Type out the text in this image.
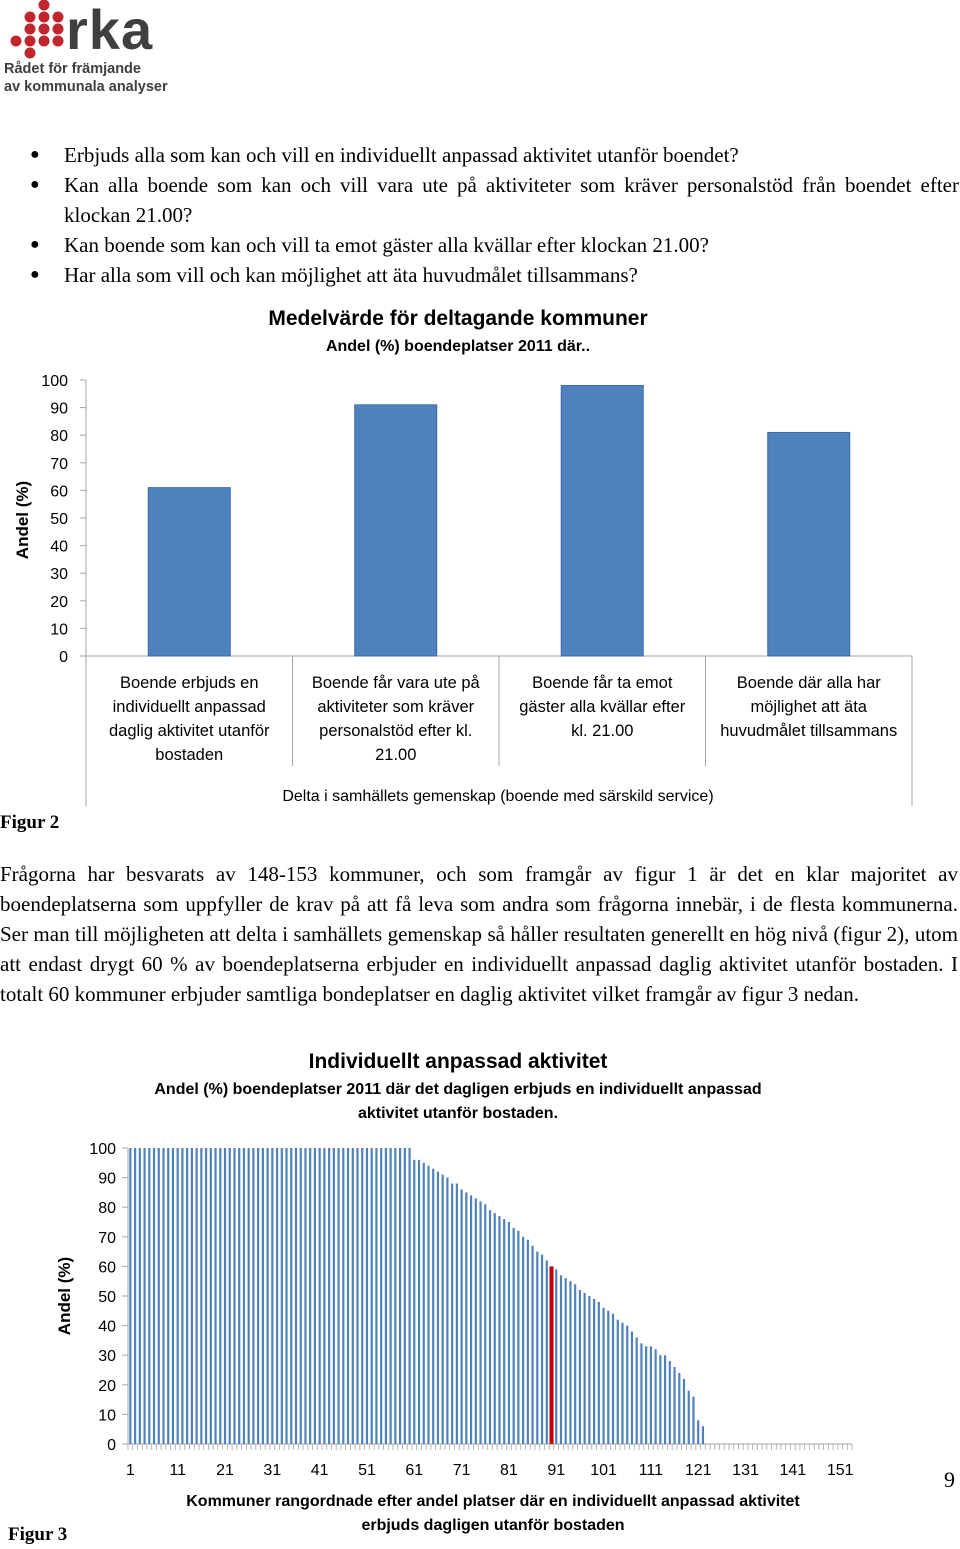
rka
Rådet för främjande
av kommunala analyser
● Erbjuds alla som kan och vill en individuellt anpassad aktivitet utanför boendet?
● Kan alla boende som kan och vill vara ute på aktiviteter som kräver personalstöd från boendet efter klockan 21.00?
● Kan boende som kan och vill ta emot gäster alla kvällar efter klockan 21.00?
● Har alla som vill och kan möjlighet att äta huvudmålet tillsammans?
Medelvärde för deltagande kommuner
Andel (%) boendeplatser 2011 där..
Andel (%)
0
10
20
30
40
50
60
70
80
90
100
Boende erbjuds en
individuellt anpassad
daglig aktivitet utanför
bostaden
Boende får vara ute på
aktiviteter som kräver
personalstöd efter kl.
21.00
Boende får ta emot
gäster alla kvällar efter
kl. 21.00
Boende där alla har
möjlighet att äta
huvudmålet tillsammans
Delta i samhällets gemenskap (boende med särskild service)
Figur 2
Frågorna har besvarats av 148-153 kommuner, och som framgår av figur 1 är det en klar majoritet av boendeplatserna som uppfyller de krav på att få leva som andra som frågorna innebär, i de flesta kommunerna. Ser man till möjligheten att delta i samhällets gemenskap så håller resultaten generellt en hög nivå (figur 2), utom att endast drygt 60 % av boendeplatserna erbjuder en individuellt anpassad daglig aktivitet utanför bostaden. I totalt 60 kommuner erbjuder samtliga bondeplatser en daglig aktivitet vilket framgår av figur 3 nedan.
Individuellt anpassad aktivitet
Andel (%) boendeplatser 2011 där det dagligen erbjuds en individuellt anpassad
aktivitet utanför bostaden.
Andel (%)
0
10
20
30
40
50
60
70
80
90
100
1 11 21 31 41 51 61 71 81 91 101 111 121 131 141 151
Kommuner rangordnade efter andel platser där en individuellt anpassad aktivitet
erbjuds dagligen utanför bostaden
Figur 3
9
